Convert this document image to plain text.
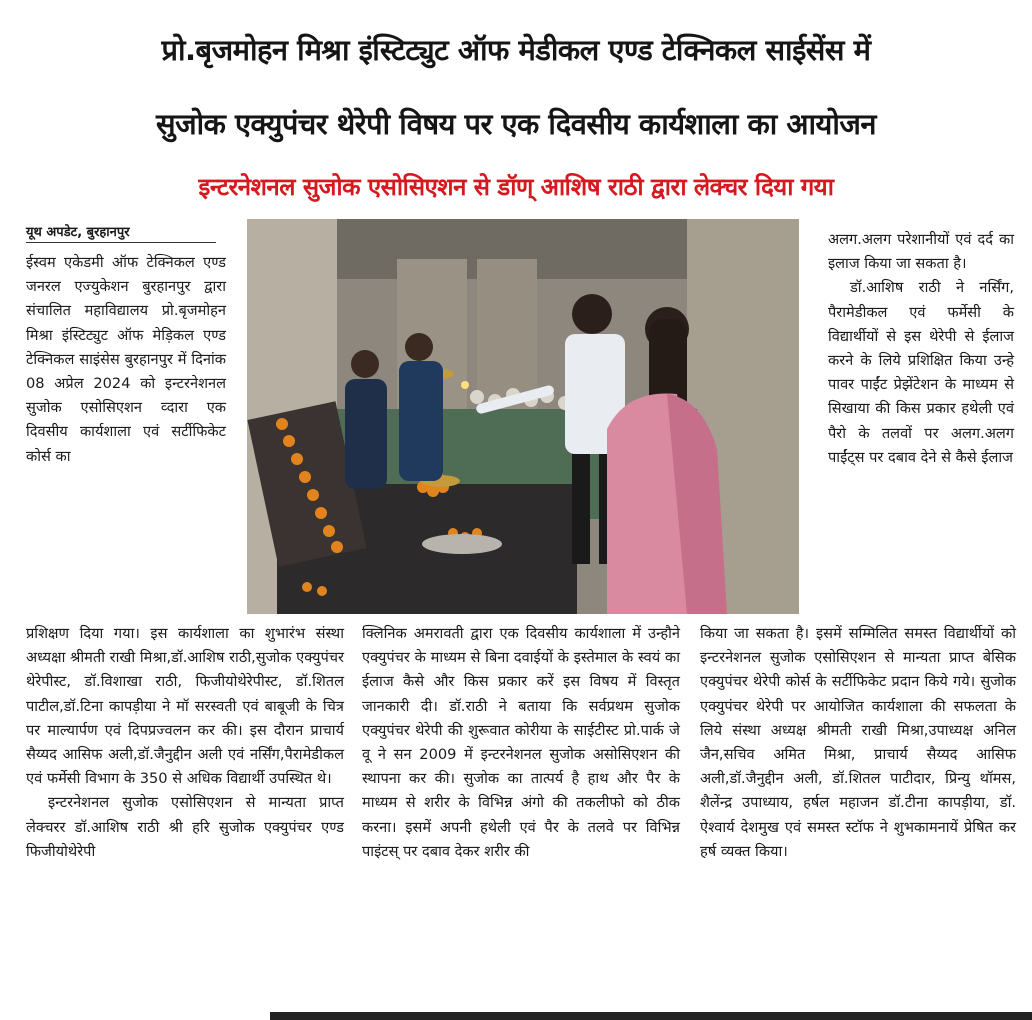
प्रो.बृजमोहन मिश्रा इंस्टिट्युट ऑफ मेडीकल एण्ड टेक्निकल साईसेंस में
सुजोक एक्युपंचर थेरेपी विषय पर एक दिवसीय कार्यशाला का आयोजन
इन्टरनेशनल सुजोक एसोसिएशन से डॉण् आशिष राठी द्वारा लेक्चर दिया गया
यूथ अपडेट, बुरहानपुर

ईस्वम एकेडमी ऑफ टेक्निकल एण्ड जनरल एज्युकेशन बुरहानपुर द्वारा संचालित महाविद्यालय प्रो.बृजमोहन मिश्रा इंस्टिट्युट ऑफ मेड़िकल एण्ड टेक्निकल साइंसेस बुरहानपुर में दिनांक 08 अप्रेल 2024 को इन्टरनेशनल सुजोक एसोसिएशन व्दारा एक दिवसीय कार्यशाला एवं सर्टीफिकेट कोर्स का

अलग.अलग परेशानीयों एवं दर्द का इलाज किया जा सकता है।

डॉ.आशिष राठी ने नर्सिंग, पैरामेडीकल एवं फर्मेसी के विद्यार्थीयों से इस थेरेपी से ईलाज करने के लिये प्रशिक्षित किया उन्हे पावर पाईंट प्रेझेंटेशन के माध्यम से सिखाया की किस प्रकार हथेली एवं पैरो के तलवों पर अलग.अलग पाईंट्स पर दबाव देने से कैसे ईलाज

प्रशिक्षण दिया गया। इस कार्यशाला का शुभारंभ संस्था अध्यक्षा श्रीमती राखी मिश्रा,डॉ.आशिष राठी,सुजोक एक्युपंचर थेरेपीस्ट, डॉ.विशाखा राठी, फिजीयोथेरेपीस्ट, डॉ.शितल पाटील,डॉ.टिना कापड़ीया ने मॉ सरस्वती एवं बाबूजी के चित्र पर माल्यार्पण एवं दिपप्रज्वलन कर की। इस दौरान प्राचार्य सैय्यद आसिफ अली,डॉ.जैनुद्दीन अली एवं नर्सिंग,पैरामेडीकल एवं फर्मेसी विभाग के 350 से अधिक विद्यार्थी उपस्थित थे।

इन्टरनेशनल सुजोक एसोसिएशन से मान्यता प्राप्त लेक्चरर डॉ.आशिष राठी श्री हरि सुजोक एक्युपंचर एण्ड फिजीयोथेरेपी

क्लिनिक अमरावती द्वारा एक दिवसीय कार्यशाला में उन्हौने एक्युपंचर के माध्यम से बिना दवाईयों के इस्तेमाल के स्वयं का ईलाज कैसे और किस प्रकार करें इस विषय में विस्तृत जानकारी दी। डॉ.राठी ने बताया कि सर्वप्रथम सुजोक एक्युपंचर थेरेपी की शुरूवात कोरीया के साईटीस्ट प्रो.पार्क जे वू ने सन 2009 में इन्टरनेशनल सुजोक असोसिएशन की स्थापना कर की। सुजोक का तात्पर्य है हाथ और पैर के माध्यम से शरीर के विभिन्न अंगो की तकलीफो को ठीक करना। इसमें अपनी हथेली एवं पैर के तलवे पर विभिन्न पाइंटस् पर दबाव देकर शरीर की

किया जा सकता है। इसमें सम्मिलित समस्त विद्यार्थीयों को इन्टरनेशनल सुजोक एसोसिएशन से मान्यता प्राप्त बेसिक एक्युपंचर थेरेपी कोर्स के सर्टीफिकेट प्रदान किये गये। सुजोक एक्युपंचर थेरेपी पर आयोजित कार्यशाला की सफलता के लिये संस्था अध्यक्ष श्रीमती राखी मिश्रा,उपाध्यक्ष अनिल जैन,सचिव अमित मिश्रा, प्राचार्य सैय्यद आसिफ अली,डॉ.जैनुद्दीन अली, डॉ.शितल पाटीदार, प्रिन्यु थॉमस, शैलेंन्द्र उपाध्याय, हर्षल महाजन डॉ.टीना कापड़ीया, डॉ. ऐश्वार्य देशमुख एवं समस्त स्टॉफ ने शुभकामनायें प्रेषित कर हर्ष व्यक्त किया।
